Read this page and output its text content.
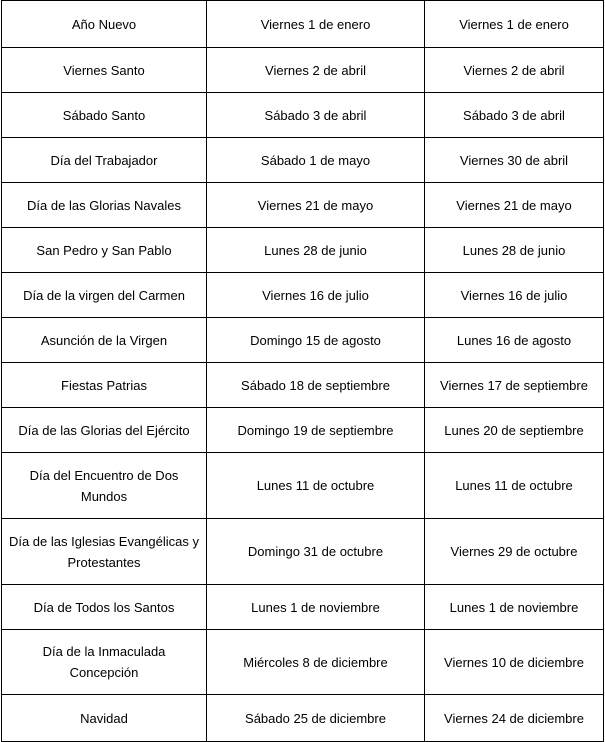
Año Nuevo	Viernes 1 de enero	Viernes 1 de enero
Viernes Santo	Viernes 2 de abril	Viernes 2 de abril
Sábado Santo	Sábado 3 de abril	Sábado 3 de abril
Día del Trabajador	Sábado 1 de mayo	Viernes 30 de abril
Día de las Glorias Navales	Viernes 21 de mayo	Viernes 21 de mayo
San Pedro y San Pablo	Lunes 28 de junio	Lunes 28 de junio
Día de la virgen del Carmen	Viernes 16 de julio	Viernes 16 de julio
Asunción de la Virgen	Domingo 15 de agosto	Lunes 16 de agosto
Fiestas Patrias	Sábado 18 de septiembre	Viernes 17 de septiembre
Día de las Glorias del Ejército	Domingo 19 de septiembre	Lunes 20 de septiembre
Día del Encuentro de Dos Mundos	Lunes 11 de octubre	Lunes 11 de octubre
Día de las Iglesias Evangélicas y Protestantes	Domingo 31 de octubre	Viernes 29 de octubre
Día de Todos los Santos	Lunes 1 de noviembre	Lunes 1 de noviembre
Día de la Inmaculada Concepción	Miércoles 8 de diciembre	Viernes 10 de diciembre
Navidad	Sábado 25 de diciembre	Viernes 24 de diciembre
